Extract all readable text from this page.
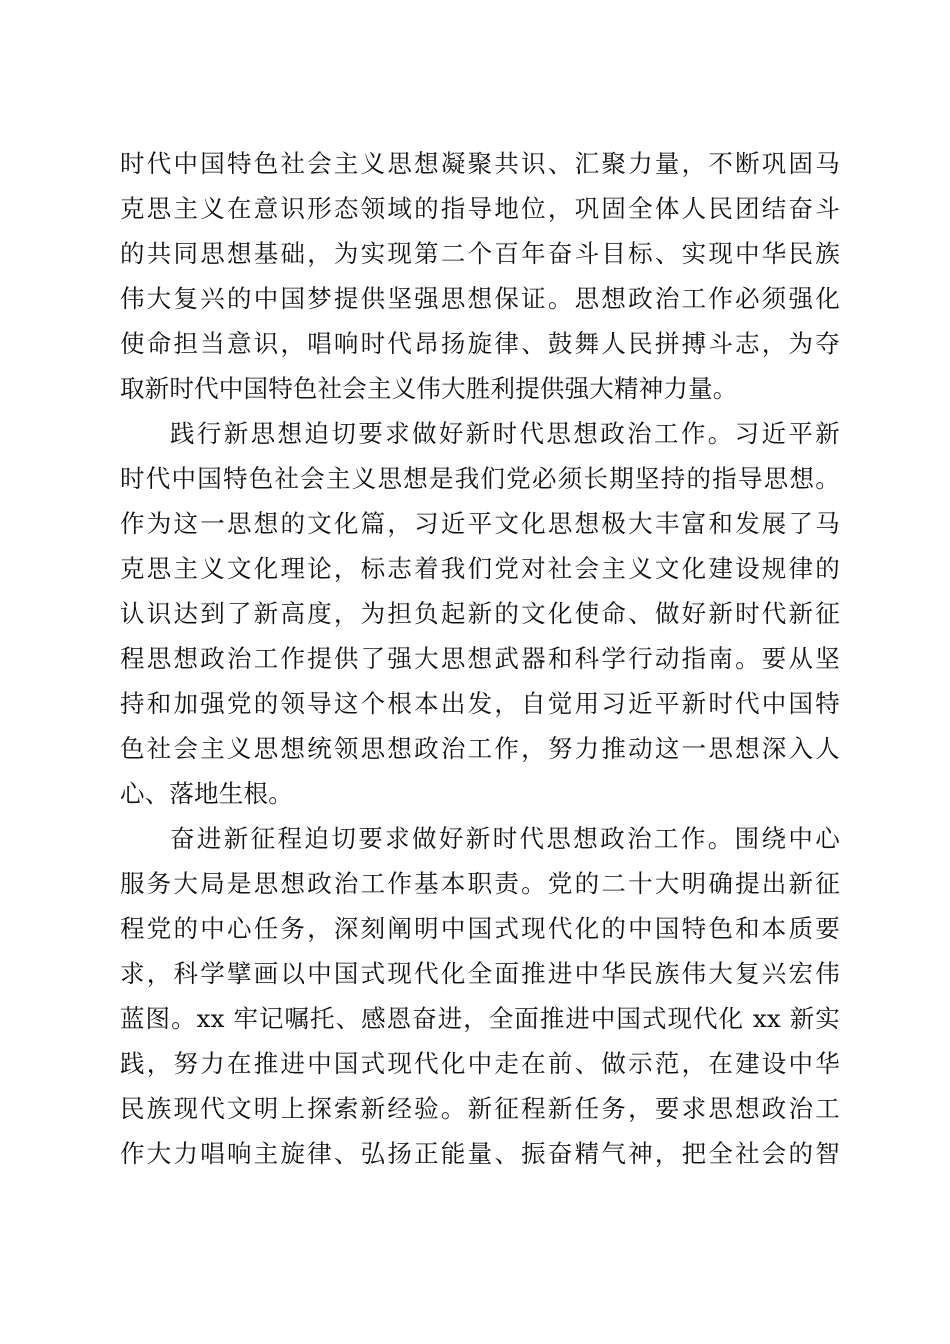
时代中国特色社会主义思想凝聚共识、汇聚力量，不断巩固马
克思主义在意识形态领域的指导地位，巩固全体人民团结奋斗
的共同思想基础，为实现第二个百年奋斗目标、实现中华民族
伟大复兴的中国梦提供坚强思想保证。思想政治工作必须强化
使命担当意识，唱响时代昂扬旋律、鼓舞人民拼搏斗志，为夺
取新时代中国特色社会主义伟大胜利提供强大精神力量。
践行新思想迫切要求做好新时代思想政治工作。习近平新
时代中国特色社会主义思想是我们党必须长期坚持的指导思想。
作为这一思想的文化篇，习近平文化思想极大丰富和发展了马
克思主义文化理论，标志着我们党对社会主义文化建设规律的
认识达到了新高度，为担负起新的文化使命、做好新时代新征
程思想政治工作提供了强大思想武器和科学行动指南。要从坚
持和加强党的领导这个根本出发，自觉用习近平新时代中国特
色社会主义思想统领思想政治工作，努力推动这一思想深入人
心、落地生根。
奋进新征程迫切要求做好新时代思想政治工作。围绕中心
服务大局是思想政治工作基本职责。党的二十大明确提出新征
程党的中心任务，深刻阐明中国式现代化的中国特色和本质要
求，科学擘画以中国式现代化全面推进中华民族伟大复兴宏伟
蓝图。xx 牢记嘱托、感恩奋进，全面推进中国式现代化 xx 新实
践，努力在推进中国式现代化中走在前、做示范，在建设中华
民族现代文明上探索新经验。新征程新任务，要求思想政治工
作大力唱响主旋律、弘扬正能量、振奋精气神，把全社会的智
